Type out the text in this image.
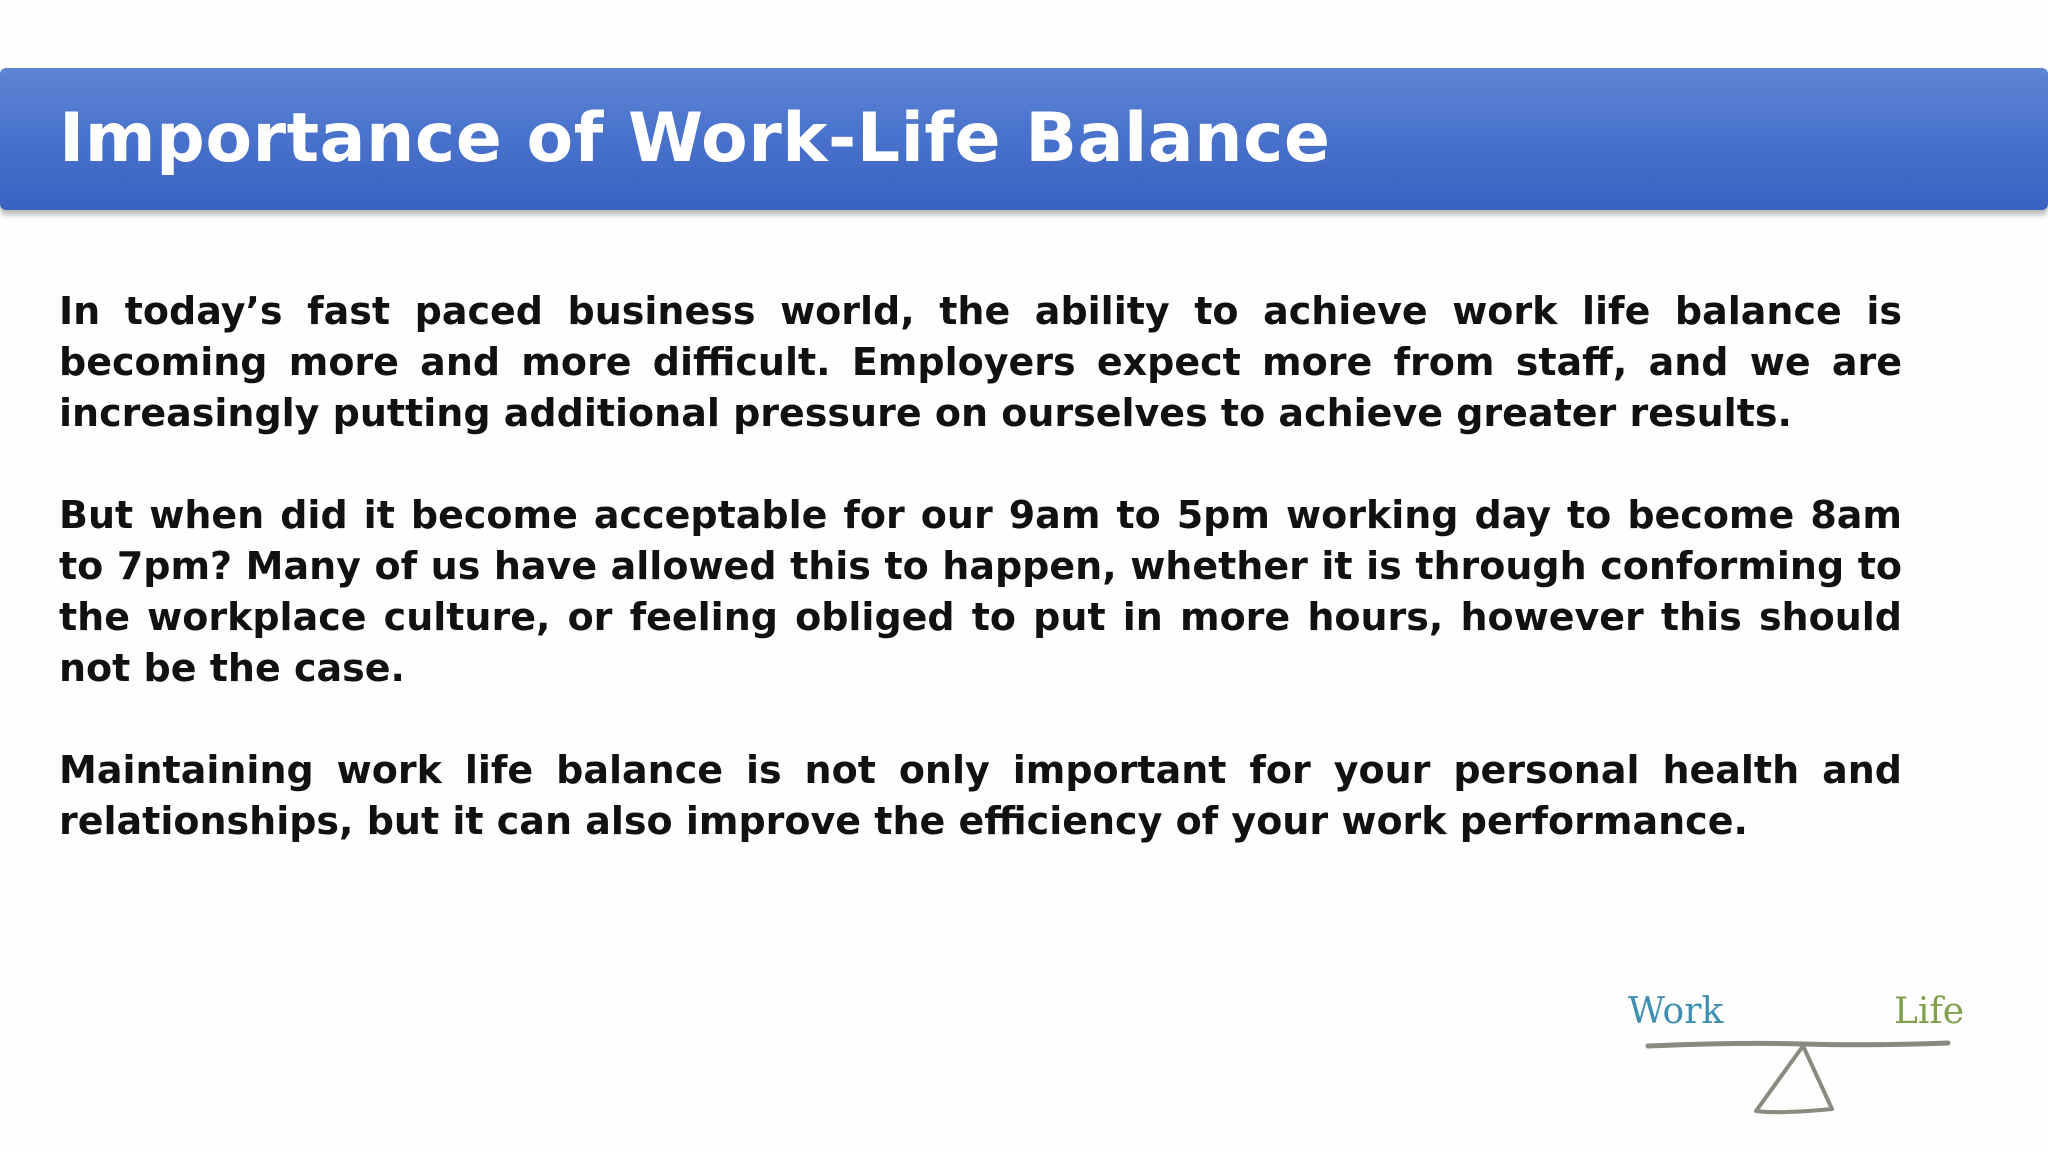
Importance of Work-Life Balance

In today’s fast paced business world, the ability to achieve work life balance is becoming more and more difficult. Employers expect more from staff, and we are increasingly putting additional pressure on ourselves to achieve greater results.

But when did it become acceptable for our 9am to 5pm working day to become 8am to 7pm? Many of us have allowed this to happen, whether it is through conforming to the workplace culture, or feeling obliged to put in more hours, however this should not be the case.

Maintaining work life balance is not only important for your personal health and relationships, but it can also improve the efficiency of your work performance.

Work	Life
